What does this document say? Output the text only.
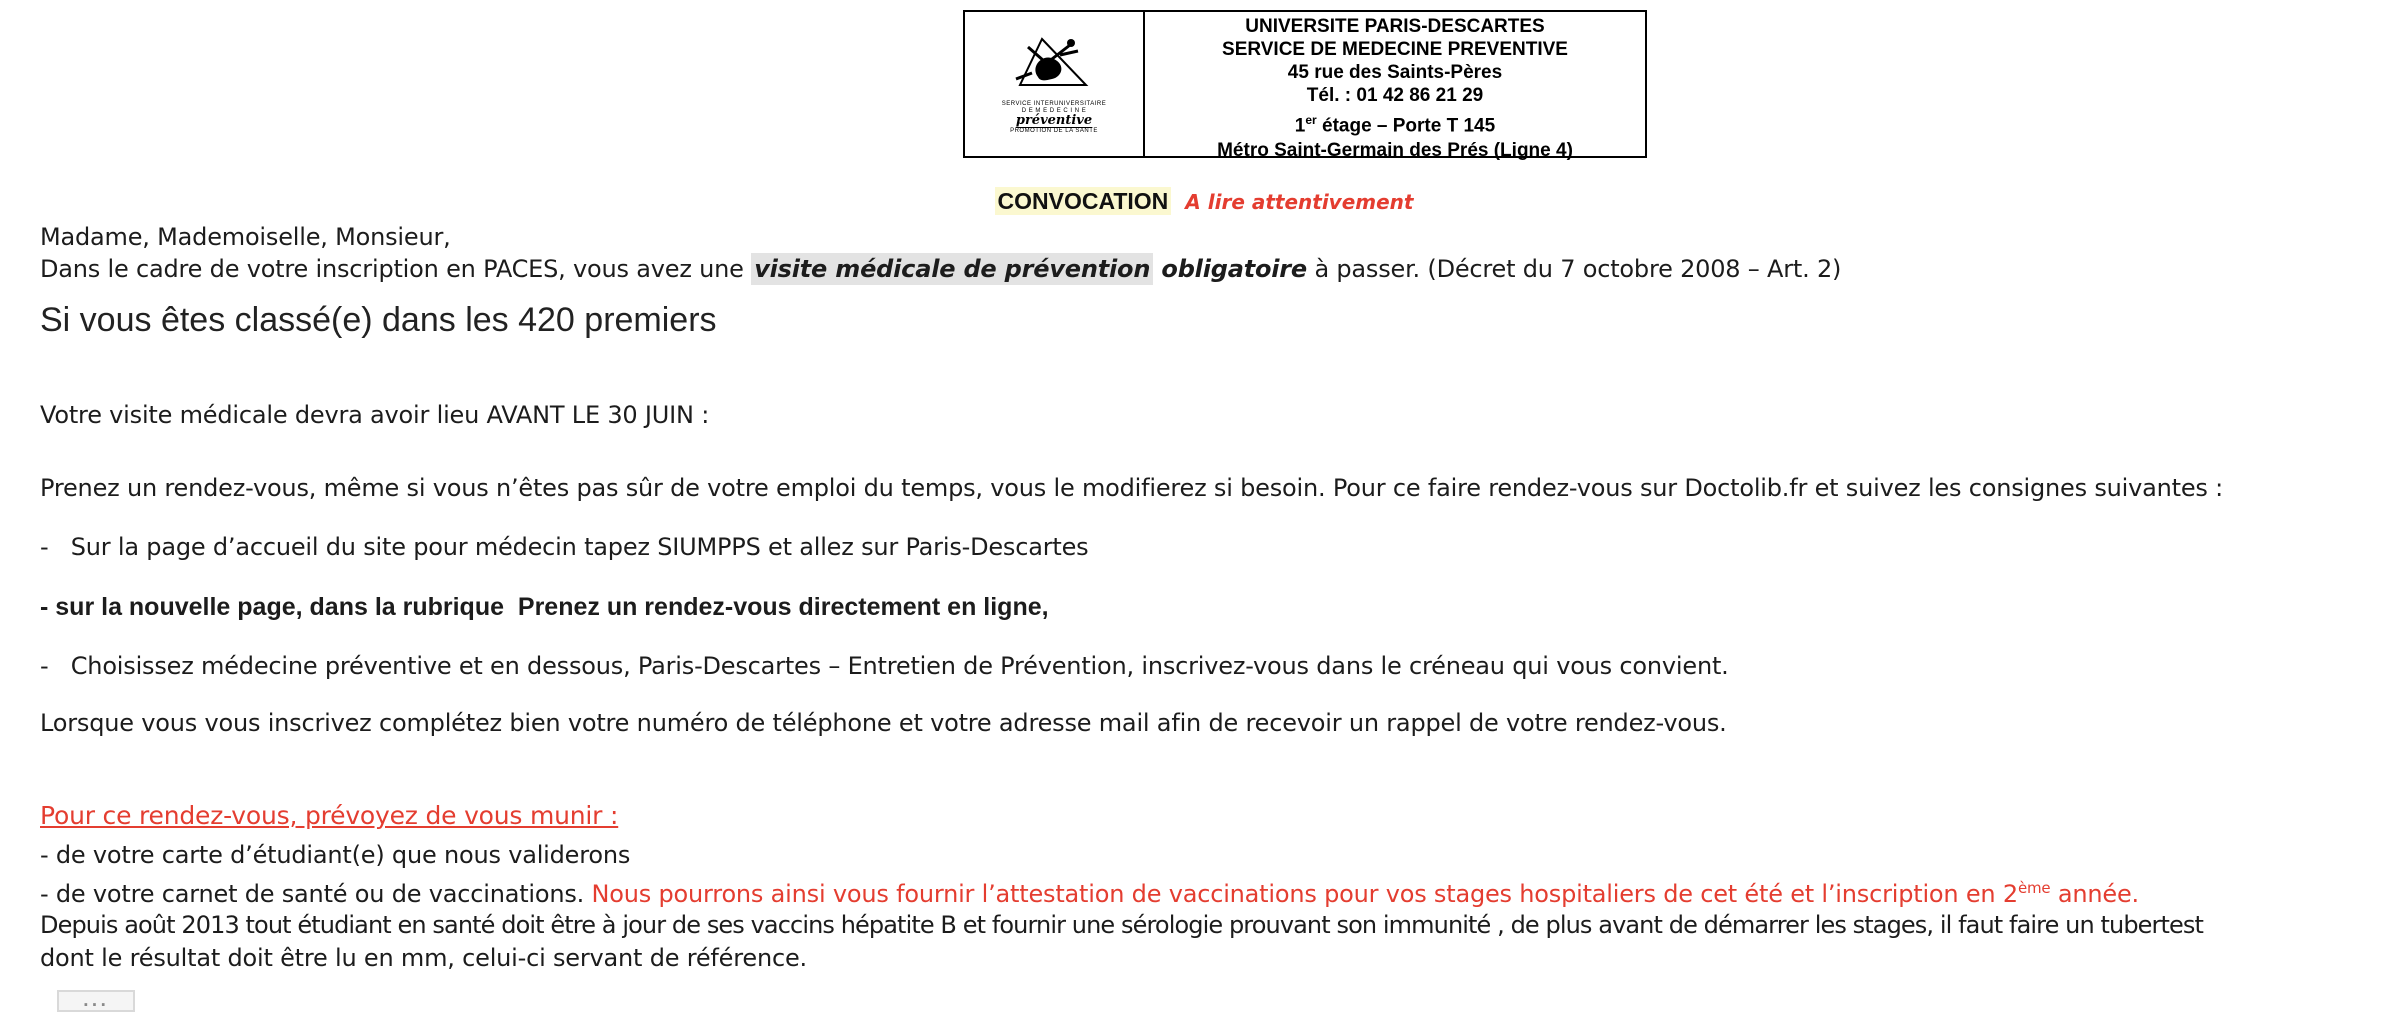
SERVICE INTERUNIVERSITAIRE
D E M E D E C I N E
préventive
PROMOTION DE LA SANTE
UNIVERSITE PARIS-DESCARTES
SERVICE DE MEDECINE PREVENTIVE
45 rue des Saints-Pères
Tél. : 01 42 86 21 29
1er étage – Porte T 145
Métro Saint-Germain des Prés (Ligne 4)
CONVOCATION A lire attentivement
Madame, Mademoiselle, Monsieur,
Dans le cadre de votre inscription en PACES, vous avez une visite médicale de prévention obligatoire à passer. (Décret du 7 octobre 2008 – Art. 2)
Si vous êtes classé(e) dans les 420 premiers
Votre visite médicale devra avoir lieu AVANT LE 30 JUIN :
Prenez un rendez-vous, même si vous n’êtes pas sûr de votre emploi du temps, vous le modifierez si besoin. Pour ce faire rendez-vous sur Doctolib.fr et suivez les consignes suivantes :
-   Sur la page d’accueil du site pour médecin tapez SIUMPPS et allez sur Paris-Descartes
- sur la nouvelle page, dans la rubrique  Prenez un rendez-vous directement en ligne,
-   Choisissez médecine préventive et en dessous, Paris-Descartes – Entretien de Prévention, inscrivez-vous dans le créneau qui vous convient.
Lorsque vous vous inscrivez complétez bien votre numéro de téléphone et votre adresse mail afin de recevoir un rappel de votre rendez-vous.
Pour ce rendez-vous, prévoyez de vous munir :
- de votre carte d’étudiant(e) que nous validerons
- de votre carnet de santé ou de vaccinations. Nous pourrons ainsi vous fournir l’attestation de vaccinations pour vos stages hospitaliers de cet été et l’inscription en 2ème année.
Depuis août 2013 tout étudiant en santé doit être à jour de ses vaccins hépatite B et fournir une sérologie prouvant son immunité , de plus avant de démarrer les stages, il faut faire un tubertest
dont le résultat doit être lu en mm, celui-ci servant de référence.
...
